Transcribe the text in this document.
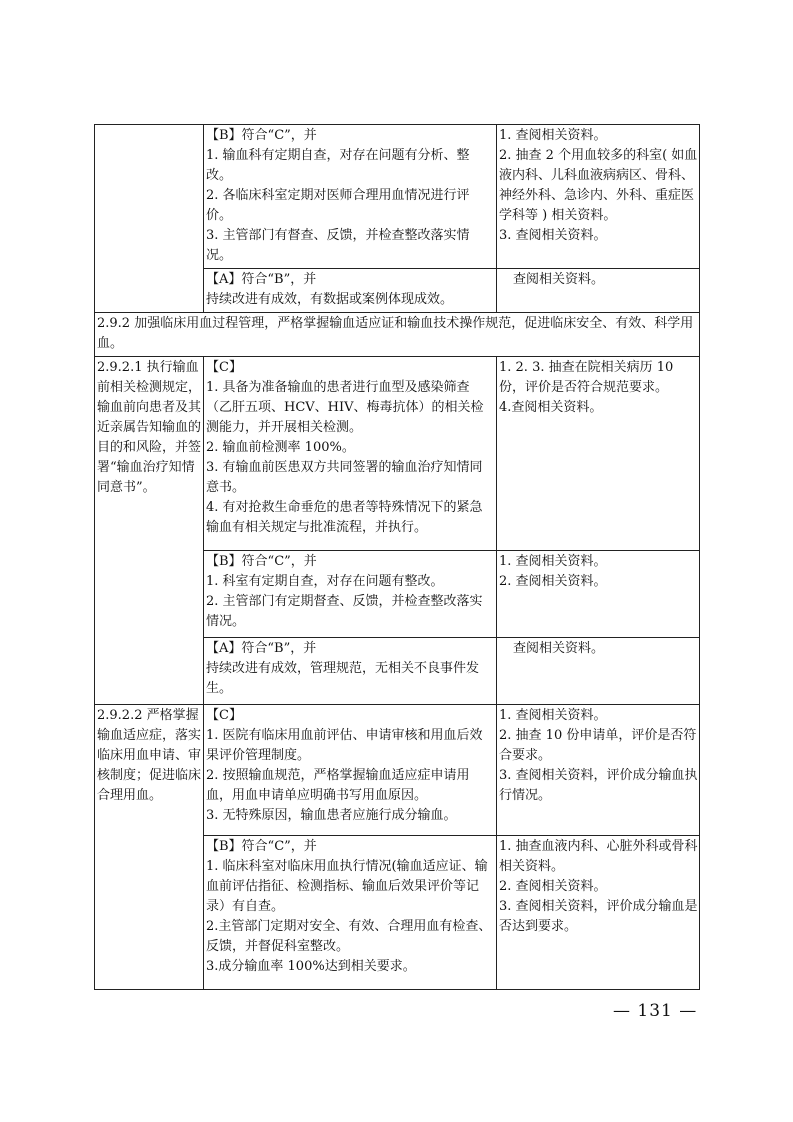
	【B】符合“C”，并
1. 输血科有定期自查，对存在问题有分析、整改。
2. 各临床科室定期对医师合理用血情况进行评价。
3. 主管部门有督查、反馈，并检查整改落实情况。	1. 查阅相关资料。
2. 抽查 2 个用血较多的科室( 如血液内科、儿科血液病病区、骨科、神经外科、急诊内、外科、重症医学科等 ) 相关资料。
3. 查阅相关资料。

	【A】符合“B”，并
持续改进有成效，有数据或案例体现成效。	查阅相关资料。

2.9.2 加强临床用血过程管理，严格掌握输血适应证和输血技术操作规范，促进临床安全、有效、科学用血。		
2.9.2.1 执行输血前相关检测规定，输血前向患者及其近亲属告知输血的目的和风险，并签署“输血治疗知情同意书”。	【C】
1. 具备为准备输血的患者进行血型及感染筛查（乙肝五项、HCV、HIV、梅毒抗体）的相关检测能力，并开展相关检测。
2. 输血前检测率 100%。
3. 有输血前医患双方共同签署的输血治疗知情同意书。
4. 有对抢救生命垂危的患者等特殊情况下的紧急输血有相关规定与批准流程，并执行。	1. 2. 3. 抽查在院相关病历 10份，评价是否符合规范要求。
4.查阅相关资料。

	【B】符合“C”，并
1. 科室有定期自查，对存在问题有整改。
2. 主管部门有定期督查、反馈，并检查整改落实情况。	1. 查阅相关资料。
2. 查阅相关资料。

	【A】符合“B”，并
持续改进有成效，管理规范，无相关不良事件发生。	查阅相关资料。

2.9.2.2 严格掌握输血适应症，落实临床用血申请、审核制度；促进临床合理用血。	【C】
1. 医院有临床用血前评估、申请审核和用血后效果评价管理制度。
2. 按照输血规范，严格掌握输血适应症申请用血，用血申请单应明确书写用血原因。
3. 无特殊原因，输血患者应施行成分输血。	1. 查阅相关资料。
2. 抽查 10 份申请单，评价是否符合要求。
3. 查阅相关资料，评价成分输血执行情况。

	【B】符合“C”，并
1. 临床科室对临床用血执行情况(输血适应证、输血前评估指征、检测指标、输血后效果评价等记录）有自查。
2.主管部门定期对安全、有效、合理用血有检查、反馈，并督促科室整改。
3.成分输血率 100%达到相关要求。	1. 抽查血液内科、心脏外科或骨科相关资料。
2. 查阅相关资料。
3. 查阅相关资料，评价成分输血是否达到要求。
— 131 —
